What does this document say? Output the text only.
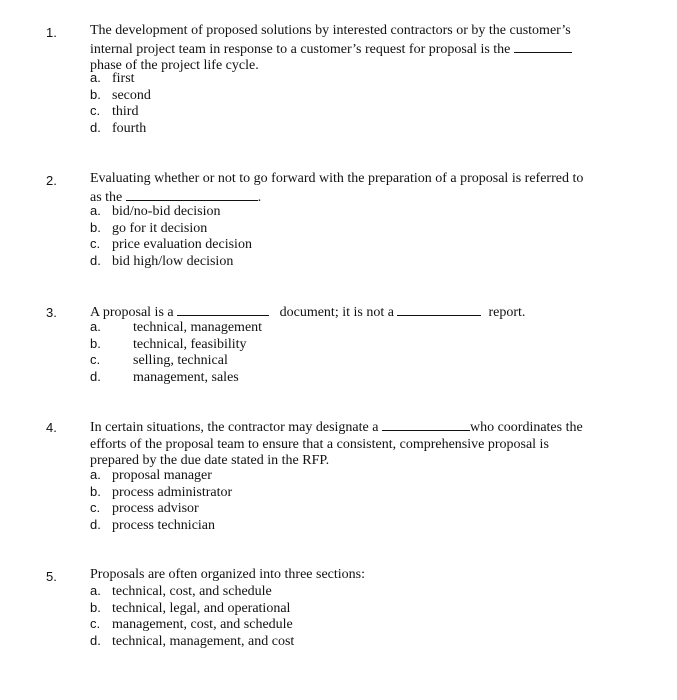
1. The development of proposed solutions by interested contractors or by the customer’s
internal project team in response to a customer’s request for proposal is the
phase of the project life cycle.
a. first
b. second
c. third
d. fourth
2. Evaluating whether or not to go forward with the preparation of a proposal is referred to
as the	.
a. bid/no-bid decision
b. go for it decision
c. price evaluation decision
d. bid high/low decision
3. A proposal is a	document; it is not a	report.
a. technical, management
b. technical, feasibility
c. selling, technical
d. management, sales
4. In certain situations, the contractor may designate a	who coordinates the
efforts of the proposal team to ensure that a consistent, comprehensive proposal is
prepared by the due date stated in the RFP.
a. proposal manager
b. process administrator
c. process advisor
d. process technician
5. Proposals are often organized into three sections:
a. technical, cost, and schedule
b. technical, legal, and operational
c. management, cost, and schedule
d. technical, management, and cost
